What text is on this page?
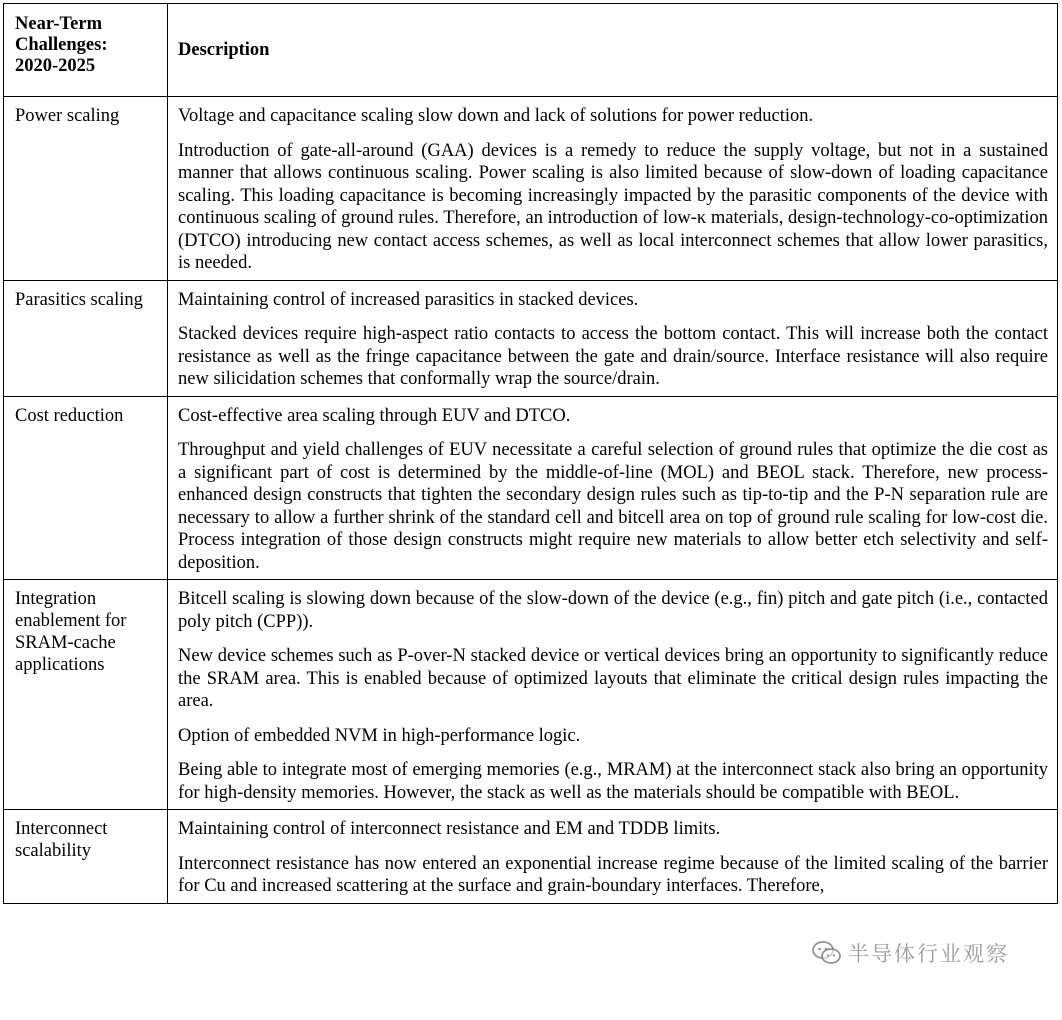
Near-Term
Challenges:
2020-2025	Description

Power scaling	Voltage and capacitance scaling slow down and lack of solutions for power reduction.

Introduction of gate-all-around (GAA) devices is a remedy to reduce the supply voltage, but not in a sustained manner that allows continuous scaling. Power scaling is also limited because of slow-down of loading capacitance scaling. This loading capacitance is becoming increasingly impacted by the parasitic components of the device with continuous scaling of ground rules. Therefore, an introduction of low-κ materials, design-technology-co-optimization (DTCO) introducing new contact access schemes, as well as local interconnect schemes that allow lower parasitics, is needed.

Parasitics scaling	Maintaining control of increased parasitics in stacked devices.

Stacked devices require high-aspect ratio contacts to access the bottom contact. This will increase both the contact resistance as well as the fringe capacitance between the gate and drain/source. Interface resistance will also require new silicidation schemes that conformally wrap the source/drain.

Cost reduction	Cost-effective area scaling through EUV and DTCO.

Throughput and yield challenges of EUV necessitate a careful selection of ground rules that optimize the die cost as a significant part of cost is determined by the middle-of-line (MOL) and BEOL stack. Therefore, new process-enhanced design constructs that tighten the secondary design rules such as tip-to-tip and the P-N separation rule are necessary to allow a further shrink of the standard cell and bitcell area on top of ground rule scaling for low-cost die. Process integration of those design constructs might require new materials to allow better etch selectivity and self-deposition.

Integration enablement for SRAM-cache applications	Bitcell scaling is slowing down because of the slow-down of the device (e.g., fin) pitch and gate pitch (i.e., contacted poly pitch (CPP)).

New device schemes such as P-over-N stacked device or vertical devices bring an opportunity to significantly reduce the SRAM area. This is enabled because of optimized layouts that eliminate the critical design rules impacting the area.

Option of embedded NVM in high-performance logic.

Being able to integrate most of emerging memories (e.g., MRAM) at the interconnect stack also bring an opportunity for high-density memories. However, the stack as well as the materials should be compatible with BEOL.

Interconnect scalability	Maintaining control of interconnect resistance and EM and TDDB limits.

Interconnect resistance has now entered an exponential increase regime because of the limited scaling of the barrier for Cu and increased scattering at the surface and grain-boundary interfaces. Therefore,

半导体行业观察
